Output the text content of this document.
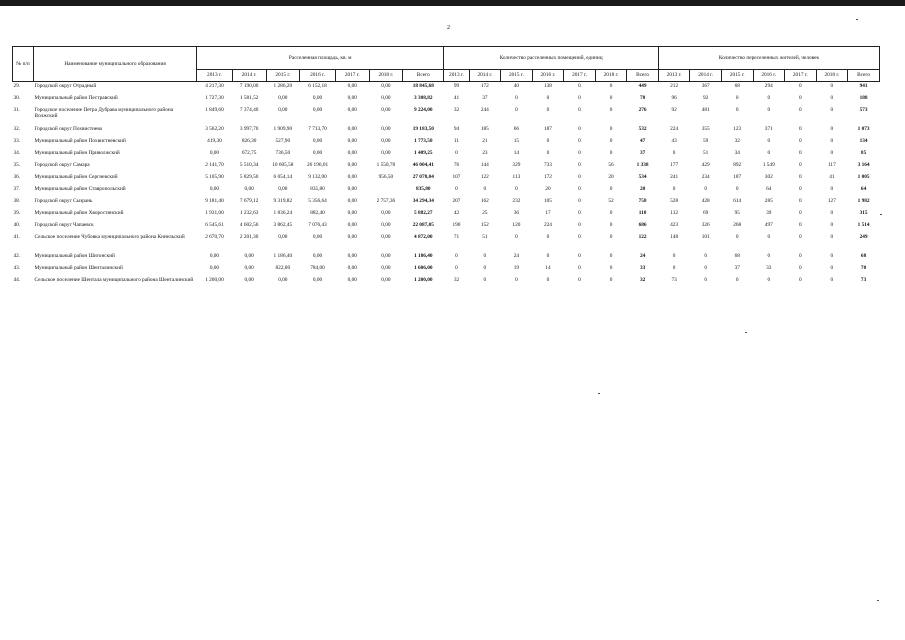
2
№ п/п	Наименование муниципального образования	Расселенная площадь, кв. м							Количество расселенных помещений, единиц							Количество переселенных жителей, человек						
		2013 г.	2014 г.	2015 г.	2016 г.	2017 г.	2018 г.	Всего	2013 г.	2014 г.	2015 г.	2016 г.	2017 г.	2018 г.	Всего	2013 г.	2014 г.	2015 г.	2016 г.	2017 г.	2018 г.	Всего
29.	Городской округ Отрадный	4 217,30	7 190,00	1 286,20	6 152,18	0,00	0,00	18 845,68	99	172	40	138	0	0	449	212	367	68	294	0	0	941
30.	Муниципальный район Пестравский	1 727,30	1 581,52	0,00	0,00	0,00	0,00	3 308,82	41	37	0	0	0	0	78	96	92	0	0	0	0	188
31.	Городское поселение Петра Дубрава муниципального района Волжский	1 849,60	7 374,40	0,00	0,00	0,00	0,00	9 224,00	32	244	0	0	0	0	276	92	481	0	0	0	0	573
32.	Городской округ Похвистнево	3 562,20	3 997,70	1 909,90	7 713,70	0,00	0,00	19 183,50	94	185	66	187	0	0	532	224	355	123	371	0	0	1 073
33.	Муниципальный район Похвистневский	419,30	826,30	527,90	0,00	0,00	0,00	1 773,50	11	21	15	0	0	0	47	43	59	32	0	0	0	134
34.	Муниципальный район Приволжский	0,00	672,75	736,50	0,00	0,00	0,00	1 409,25	0	23	14	0	0	0	37	0	51	34	0	0	0	85
35.	Городской округ Самара	2 141,70	5 510,34	10 605,58	26 196,01	0,00	1 550,78	46 004,41	76	144	329	733	0	56	1 338	177	429	892	1 549	0	117	3 164
36.	Муниципальный район Сергиевский	5 105,90	5 829,50	6 054,14	9 132,00	0,00	956,50	27 078,04	107	122	113	172	0	20	534	241	234	187	302	0	41	1 005
37.	Муниципальный район Ставропольский	0,00	0,00	0,00	835,80	0,00		835,80	0	0	0	20	0	0	20	0	0	0	64	0	0	64
38.	Городской округ Сызрань	9 181,40	7 679,12	9 319,82	5 356,64	0,00	2 757,36	34 294,34	207	162	232	105	0	52	758	528	428	614	285	0	127	1 982
39.	Муниципальный район Хворостянский	1 931,00	1 232,63	1 836,24	882,40	0,00	0,00	5 882,27	42	25	36	17	0	0	118	112	69	95	39	0	0	315
40.	Городской округ Чапаевск	6 545,61	4 602,56	3 862,45	7 076,43	0,00	0,00	22 087,05	190	152	120	224	0	0	686	423	326	268	497	0	0	1 514
41.	Сельское поселение Чубовка муниципального района Кинельский	2 670,70	2 201,30	0,00	0,00	0,00	0,00	4 872,00	71	51	0	0	0	0	122	148	101	0	0	0	0	249
42.	Муниципальный район Шигонский	0,00	0,00	1 186,40	0,00	0,00	0,00	1 186,40	0	0	24	0	0	0	24	0	0	68	0	0	0	68
43.	Муниципальный район Шенталинский	0,00	0,00	822,00	784,00	0,00	0,00	1 606,00	0	0	19	14	0	0	33	0	0	37	33	0	0	70
44.	Сельское поселение Шентала муниципального района Шенталинский	1 200,00	0,00	0,00	0,00	0,00	0,00	1 200,00	32	0	0	0	0	0	32	73	0	0	0	0	0	73
